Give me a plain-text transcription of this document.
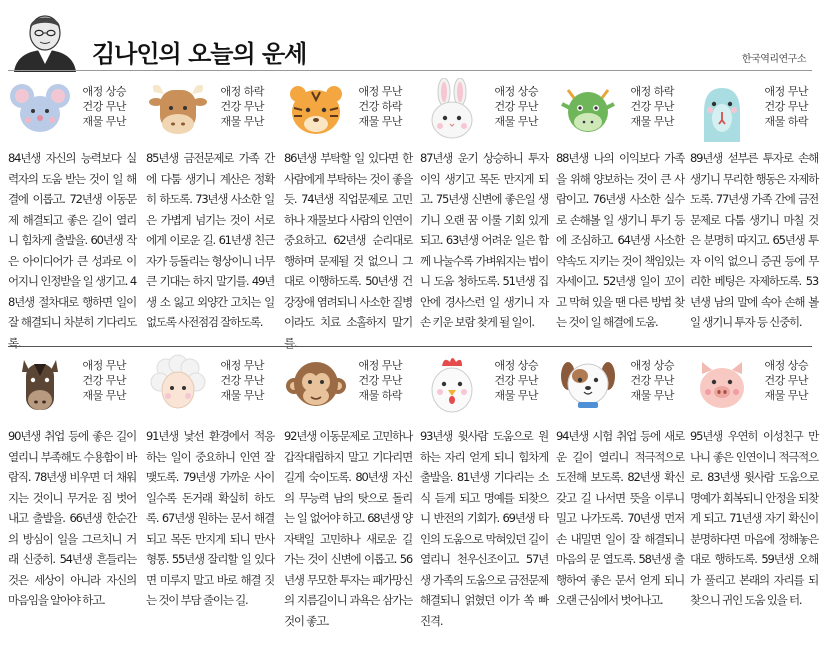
김나인의 오늘의 운세	한국역리연구소
애정 상승
건강 무난
재물 무난
84년생 자신의 능력보다 실력자의 도움 받는 것이 일 해결에 이롭고. 72년생 이동문제 해결되고 좋은 길이 열리니 힘차게 출발을. 60년생 작은 아이디어가 큰 성과로 이어지니 인정받을 일 생기고. 48년생 절차대로 행하면 일이 잘 해결되니 차분히 기다리도록.
애정 하락
건강 무난
재물 무난
85년생 금전문제로 가족 간에 다툼 생기니 계산은 정확히 하도록. 73년생 사소한 일은 가볍게 넘기는 것이 서로에게 이로운 길. 61년생 친근자가 등돌리는 형상이니 너무 큰 기대는 하지 말기를. 49년생 소 잃고 외양간 고치는 일 없도록 사전점검 잘하도록.
애정 무난
건강 하락
재물 무난
86년생 부탁할 일 있다면 한사람에게 부탁하는 것이 좋을 듯. 74년생 직업문제로 고민하나 재물보다 사람의 인연이 중요하고. 62년생 순리대로 행하며 문제될 것 없으니 그대로 이행하도록. 50년생 건강장애 염려되니 사소한 질병이라도 치료 소홀하지 말기를.
애정 상승
건강 무난
재물 무난
87년생 운기 상승하니 투자 이익 생기고 목돈 만지게 되고. 75년생 신변에 좋은일 생기니 오랜 꿈 이룰 기회 있게 되고. 63년생 어려운 일은 함께 나눌수록 가벼워지는 법이니 도움 청하도록. 51년생 집안에 경사스런 일 생기니 자손 키운 보람 찾게 될 일이.
애정 하락
건강 무난
재물 무난
88년생 나의 이익보다 가족을 위해 양보하는 것이 큰 사람이고. 76년생 사소한 실수로 손해볼 일 생기니 투기 등에 조심하고. 64년생 사소한 약속도 지키는 것이 책임있는 자세이고. 52년생 일이 꼬이고 막혀 있을 땐 다른 방법 찾는 것이 일 해결에 도움.
애정 무난
건강 무난
재물 하락
89년생 섣부른 투자로 손해 생기니 무리한 행동은 자제하도록. 77년생 가족 간에 금전 문제로 다툼 생기니 마칠 것은 분명히 따지고. 65년생 투자 이익 없으니 증권 등에 무리한 베팅은 자제하도록. 53년생 남의 말에 속아 손해 볼 일 생기니 투자 등 신중히.
애정 무난
건강 무난
재물 무난
90년생 취업 등에 좋은 길이 열리니 부족해도 수용함이 바람직. 78년생 비우면 더 채워지는 것이니 무거운 짐 벗어내고 출발을. 66년생 한순간의 방심이 일을 그르치니 거래 신중히. 54년생 흔들리는 것은 세상이 아니라 자신의 마음임을 알아야 하고.
애정 무난
건강 무난
재물 무난
91년생 낯선 환경에서 적응하는 일이 중요하니 인연 잘 맺도록. 79년생 가까운 사이일수록 돈거래 확실히 하도록. 67년생 원하는 문서 해결되고 목돈 만지게 되니 만사형통. 55년생 잘리할 일 있다면 미루지 말고 바로 해결 짓는 것이 부담 줄이는 길.
애정 무난
건강 무난
재물 하락
92년생 이동문제로 고민하나 갑작대립하지 말고 기다리면 길게 숙이도록. 80년생 자신의 무능력 남의 탓으로 돌리는 일 없어야 하고. 68년생 양자택일 고민하나 새로운 길 가는 것이 신변에 이롭고. 56년생 무모한 투자는 패가망신의 지름길이니 과욕은 삼가는 것이 좋고.
애정 상승
건강 무난
재물 무난
93년생 윗사람 도움으로 원하는 자리 얻게 되니 힘차게 출발을. 81년생 기다리는 소식 듣게 되고 명예를 되찾으니 반전의 기회가. 69년생 타인의 도움으로 막혀있던 길이 열리니 천우신조이고. 57년생 가족의 도움으로 금전문제 해결되니 얽혔던 이가 쏙 빠진격.
애정 상승
건강 무난
재물 무난
94년생 시험 취업 등에 새로운 길이 열리니 적극적으로 도전해 보도록. 82년생 확신 갖고 길 나서면 뜻을 이루니 밀고 나가도록. 70년생 먼저 손 내밀면 일이 잘 해결되니 마음의 문 열도록. 58년생 출행하여 좋은 문서 얻게 되니 오랜 근심에서 벗어나고.
애정 상승
건강 무난
재물 무난
95년생 우연히 이성친구 만나니 좋은 인연이니 적극적으로. 83년생 윗사람 도움으로 명예가 회복되니 안정을 되찾게 되고. 71년생 자기 확신이 분명하다면 마음에 정해놓은대로 행하도록. 59년생 오해가 풀리고 본래의 자리를 되찾으니 귀인 도움 있을 터.
